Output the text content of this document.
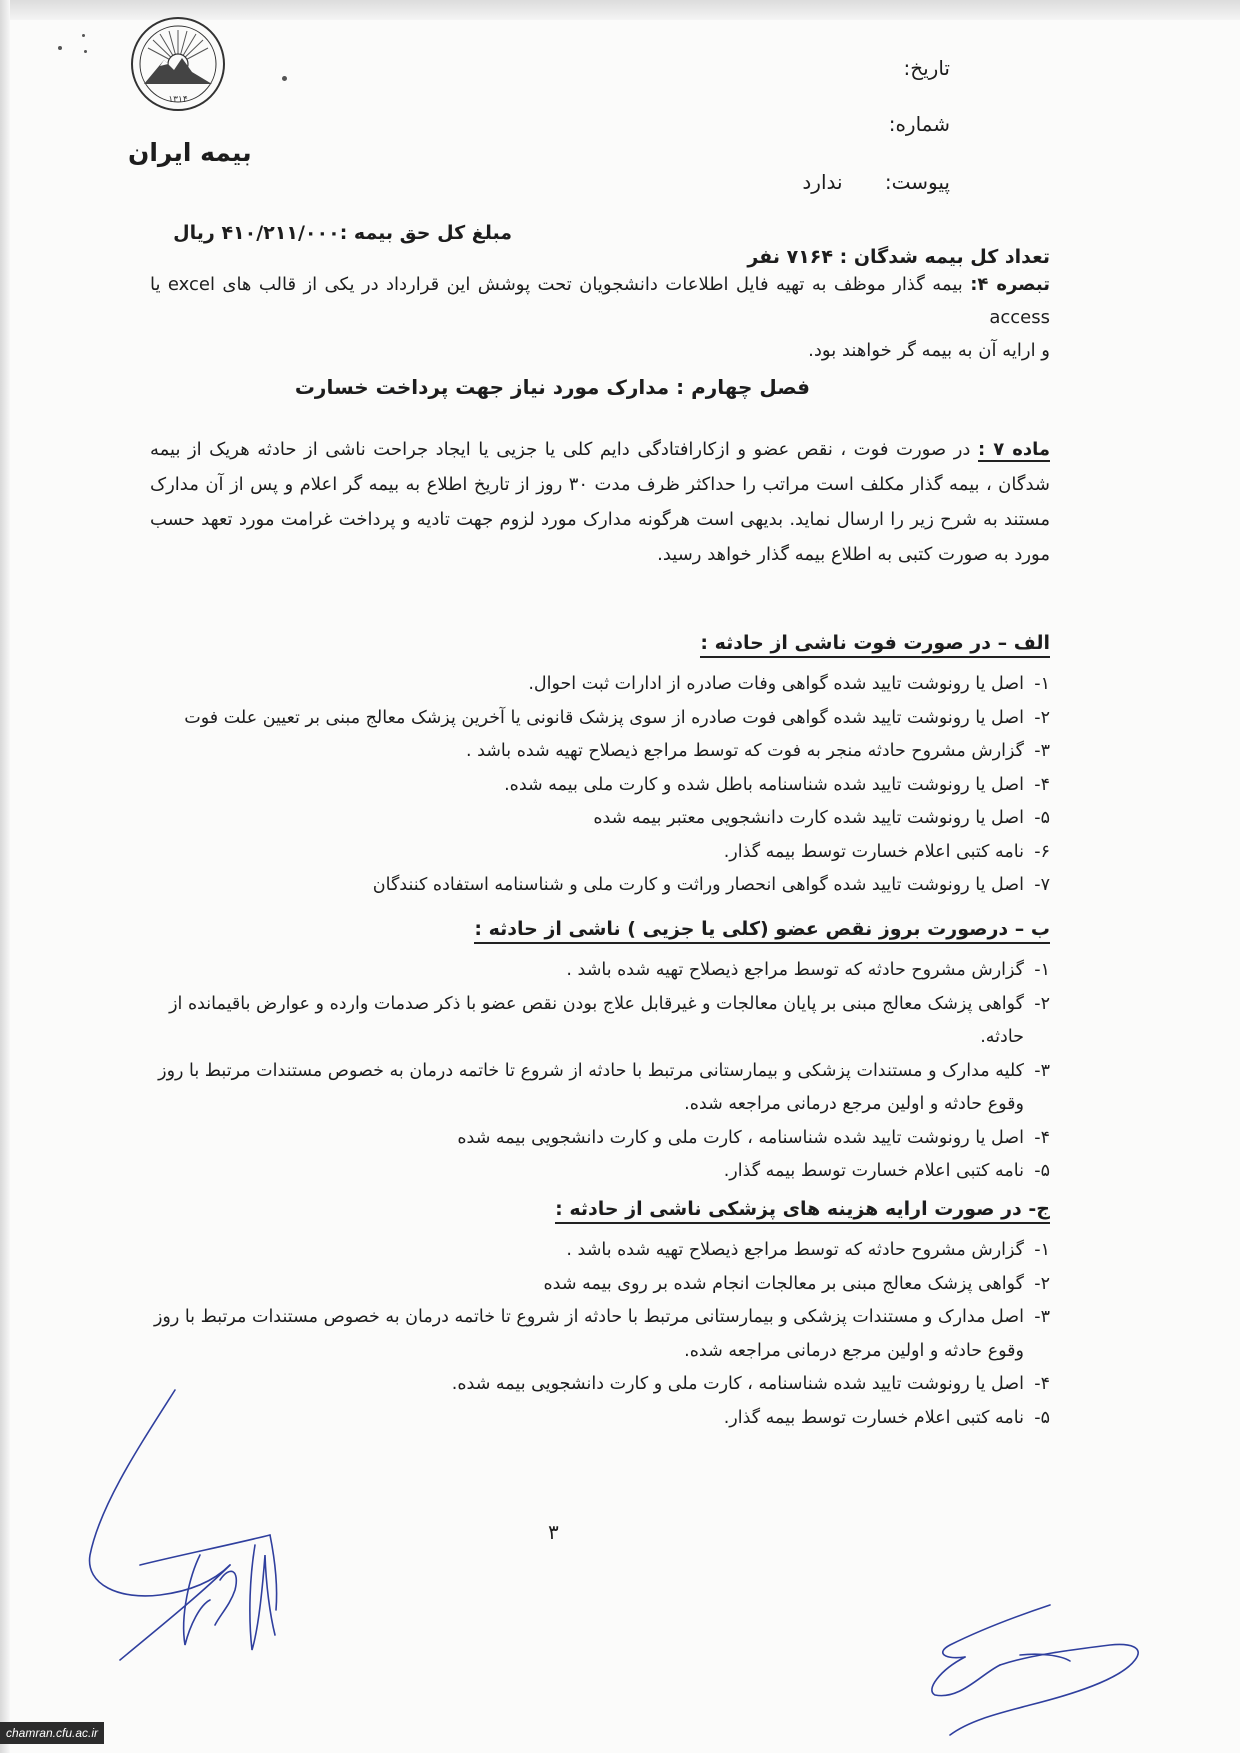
۱۳۱۴
بیمه ایران
تاریخ:
شماره:
پیوست: ندارد
تعداد کل بیمه شدگان : ۷۱۶۴ نفر
مبلغ کل حق بیمه :۴۱۰/۲۱۱/۰۰۰ ریال
تبصره ۴: بیمه گذار موظف به تهیه فایل اطلاعات دانشجویان تحت پوشش این قرارداد در یکی از قالب های excel یا access
و ارایه آن به بیمه گر خواهند بود.
فصل چهارم : مدارک مورد نیاز جهت پرداخت خسارت
ماده ۷ : در صورت فوت ، نقص عضو و ازکارافتادگی دایم کلی یا جزیی یا ایجاد جراحت ناشی از حادثه هریک از بیمه شدگان ، بیمه گذار مکلف است مراتب را حداکثر ظرف مدت ۳۰ روز از تاریخ اطلاع به بیمه گر اعلام و پس از آن مدارک مستند به شرح زیر را ارسال نماید. بدیهی است هرگونه مدارک مورد لزوم جهت تادیه و پرداخت غرامت مورد تعهد حسب مورد به صورت کتبی به اطلاع بیمه گذار خواهد رسید.
الف – در صورت فوت ناشی از حادثه :
۱-
اصل یا رونوشت تایید شده گواهی وفات صادره از ادارات ثبت احوال.
۲-
اصل یا رونوشت تایید شده گواهی فوت صادره از سوی پزشک قانونی یا آخرین پزشک معالج مبنی بر تعیین علت فوت
۳-
گزارش مشروح حادثه منجر به فوت که توسط مراجع ذیصلاح تهیه شده باشد .
۴-
اصل یا رونوشت تایید شده شناسنامه باطل شده و کارت ملی بیمه شده.
۵-
اصل یا رونوشت تایید شده کارت دانشجویی معتبر بیمه شده
۶-
نامه کتبی اعلام خسارت توسط بیمه گذار.
۷-
اصل یا رونوشت تایید شده گواهی انحصار وراثت و کارت ملی و شناسنامه استفاده کنندگان
ب – درصورت بروز نقص عضو (کلی یا جزیی ) ناشی از حادثه :
۱-
گزارش مشروح حادثه که توسط مراجع ذیصلاح تهیه شده باشد .
۲-
گواهی پزشک معالج مبنی بر پایان معالجات و غیرقابل علاج بودن نقص عضو با ذکر صدمات وارده و عوارض باقیمانده از حادثه.
۳-
کلیه مدارک و مستندات پزشکی و بیمارستانی مرتبط با حادثه از شروع تا خاتمه درمان به خصوص مستندات مرتبط با روز وقوع حادثه و اولین مرجع درمانی مراجعه شده.
۴-
اصل یا رونوشت تایید شده شناسنامه ، کارت ملی و کارت دانشجویی بیمه شده
۵-
نامه کتبی اعلام خسارت توسط بیمه گذار.
ج- در صورت ارایه هزینه های پزشکی ناشی از حادثه :
۱-
گزارش مشروح حادثه که توسط مراجع ذیصلاح تهیه شده باشد .
۲-
گواهی پزشک معالج مبنی بر معالجات انجام شده بر روی بیمه شده
۳-
اصل مدارک و مستندات پزشکی و بیمارستانی مرتبط با حادثه از شروع تا خاتمه درمان به خصوص مستندات مرتبط با روز وقوع حادثه و اولین مرجع درمانی مراجعه شده.
۴-
اصل یا رونوشت تایید شده شناسنامه ، کارت ملی و کارت دانشجویی بیمه شده.
۵-
نامه کتبی اعلام خسارت توسط بیمه گذار.
۳
chamran.cfu.ac.ir
